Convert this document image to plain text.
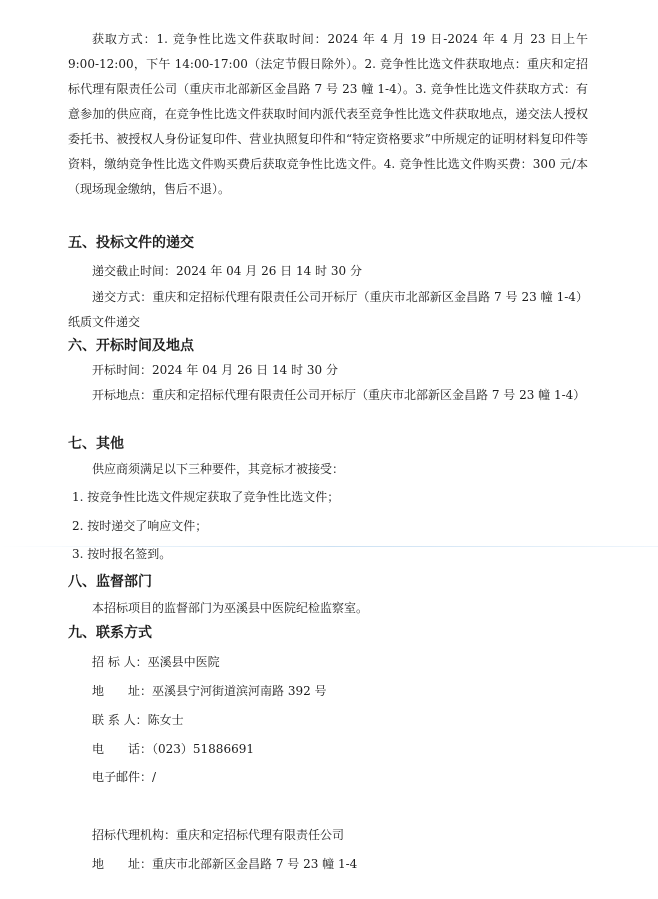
获取方式：1. 竞争性比选文件获取时间：2024 年 4 月 19 日-2024 年 4 月 23 日上午 9:00-12:00，下午 14:00-17:00（法定节假日除外）。2. 竞争性比选文件获取地点：重庆和定招标代理有限责任公司（重庆市北部新区金昌路 7 号 23 幢 1-4）。3. 竞争性比选文件获取方式：有意参加的供应商，在竞争性比选文件获取时间内派代表至竞争性比选文件获取地点，递交法人授权委托书、被授权人身份证复印件、营业执照复印件和“特定资格要求”中所规定的证明材料复印件等资料，缴纳竞争性比选文件购买费后获取竞争性比选文件。4. 竞争性比选文件购买费：300 元/本（现场现金缴纳，售后不退）。

五、投标文件的递交

递交截止时间：2024 年 04 月 26 日 14 时 30 分

递交方式：重庆和定招标代理有限责任公司开标厅（重庆市北部新区金昌路 7 号 23 幢 1-4）纸质文件递交

六、开标时间及地点

开标时间：2024 年 04 月 26 日 14 时 30 分

开标地点：重庆和定招标代理有限责任公司开标厅（重庆市北部新区金昌路 7 号 23 幢 1-4）

七、其他
供应商须满足以下三种要件，其竞标才被接受：
1. 按竞争性比选文件规定获取了竞争性比选文件；
2. 按时递交了响应文件；
3. 按时报名签到。
八、监督部门
本招标项目的监督部门为巫溪县中医院纪检监察室。
九、联系方式
招 标 人：巫溪县中医院
地　　址：巫溪县宁河街道滨河南路 392 号
联 系 人：陈女士
电　　话：（023）51886691
电子邮件：/
招标代理机构：重庆和定招标代理有限责任公司
地　　址：重庆市北部新区金昌路 7 号 23 幢 1-4
